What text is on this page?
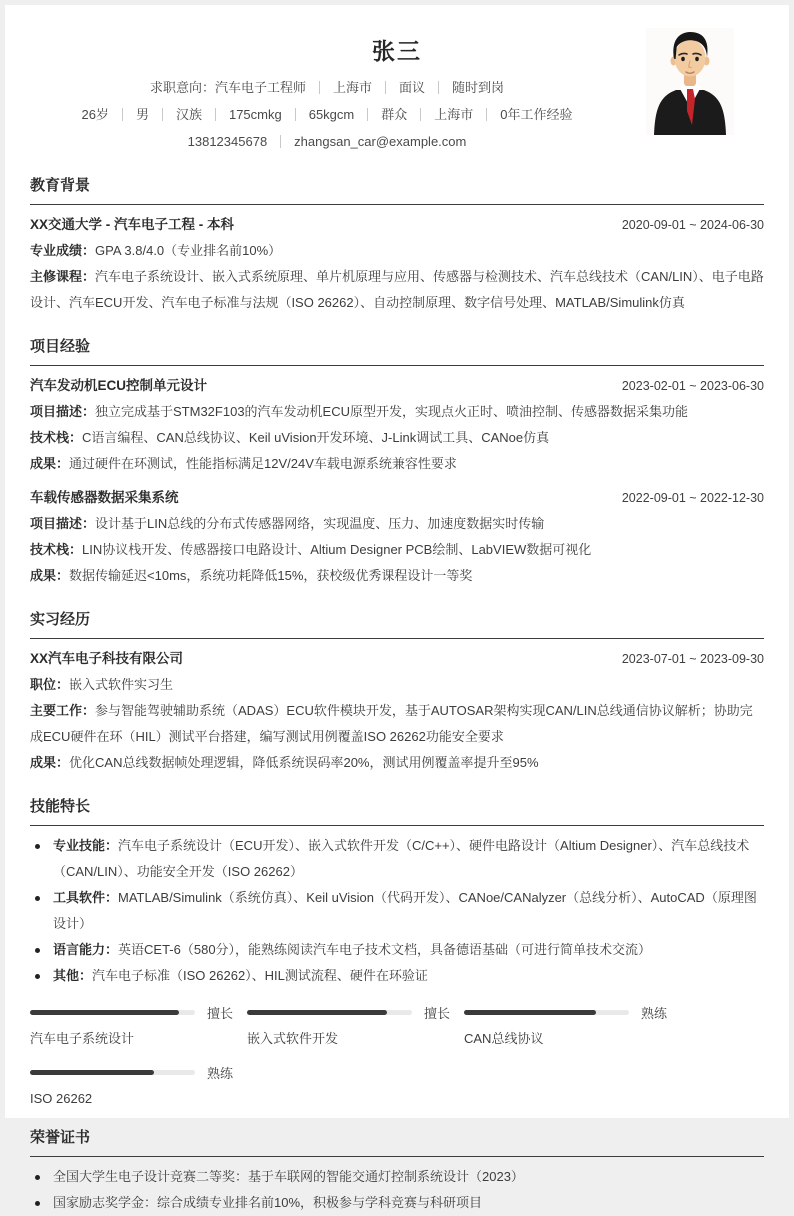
张三
求职意向：汽车电子工程师 上海市 面议 随时到岗
26岁 男 汉族 175cmkg 65kgcm 群众 上海市 0年工作经验
13812345678 zhangsan_car@example.com
教育背景
XX交通大学 - 汽车电子工程 - 本科	2020-09-01 ~ 2024-06-30
专业成绩：GPA 3.8/4.0（专业排名前10%）
主修课程：汽车电子系统设计、嵌入式系统原理、单片机原理与应用、传感器与检测技术、汽车总线技术（CAN/LIN）、电子电路设计、汽车ECU开发、汽车电子标准与法规（ISO 26262）、自动控制原理、数字信号处理、MATLAB/Simulink仿真
项目经验
汽车发动机ECU控制单元设计	2023-02-01 ~ 2023-06-30
项目描述：独立完成基于STM32F103的汽车发动机ECU原型开发，实现点火正时、喷油控制、传感器数据采集功能
技术栈：C语言编程、CAN总线协议、Keil uVision开发环境、J-Link调试工具、CANoe仿真
成果：通过硬件在环测试，性能指标满足12V/24V车载电源系统兼容性要求
车载传感器数据采集系统	2022-09-01 ~ 2022-12-30
项目描述：设计基于LIN总线的分布式传感器网络，实现温度、压力、加速度数据实时传输
技术栈：LIN协议栈开发、传感器接口电路设计、Altium Designer PCB绘制、LabVIEW数据可视化
成果：数据传输延迟<10ms，系统功耗降低15%，获校级优秀课程设计一等奖
实习经历
XX汽车电子科技有限公司	2023-07-01 ~ 2023-09-30
职位：嵌入式软件实习生
主要工作：参与智能驾驶辅助系统（ADAS）ECU软件模块开发，基于AUTOSAR架构实现CAN/LIN总线通信协议解析；协助完成ECU硬件在环（HIL）测试平台搭建，编写测试用例覆盖ISO 26262功能安全要求
成果：优化CAN总线数据帧处理逻辑，降低系统误码率20%，测试用例覆盖率提升至95%
技能特长
专业技能：汽车电子系统设计（ECU开发）、嵌入式软件开发（C/C++）、硬件电路设计（Altium Designer）、汽车总线技术（CAN/LIN）、功能安全开发（ISO 26262）
工具软件：MATLAB/Simulink（系统仿真）、Keil uVision（代码开发）、CANoe/CANalyzer（总线分析）、AutoCAD（原理图设计）
语言能力：英语CET-6（580分），能熟练阅读汽车电子技术文档，具备德语基础（可进行简单技术交流）
其他：汽车电子标准（ISO 26262）、HIL测试流程、硬件在环验证
擅长
汽车电子系统设计
擅长
嵌入式软件开发
熟练
CAN总线协议
熟练
ISO 26262
荣誉证书
全国大学生电子设计竞赛二等奖：基于车联网的智能交通灯控制系统设计（2023）
国家励志奖学金：综合成绩专业排名前10%，积极参与学科竞赛与科研项目
